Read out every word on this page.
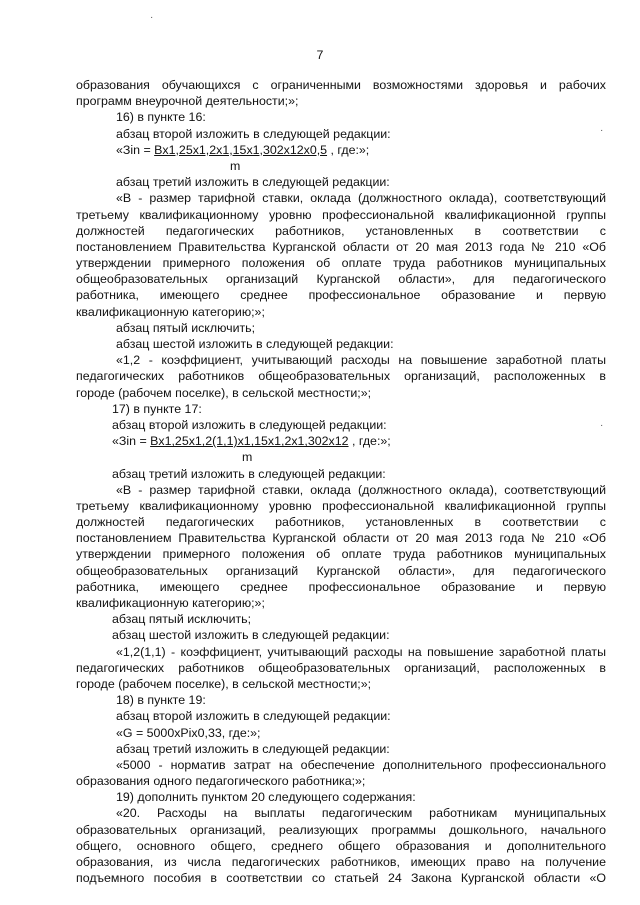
7
·
·
·
образования обучающихся с ограниченными возможностями здоровья и рабочих
программ внеурочной деятельности;»;
16) в пункте 16:
абзац второй изложить в следующей редакции:
«Зin = Bx1,25x1,2x1,15x1,302x12x0,5 , где:»;
m
абзац третий изложить в следующей редакции:
«В - размер тарифной ставки, оклада (должностного оклада), соответствующий
третьему квалификационному уровню профессиональной квалификационной группы
должностей педагогических работников, установленных в соответствии с
постановлением Правительства Курганской области от 20 мая 2013 года № 210 «Об
утверждении примерного положения об оплате труда работников муниципальных
общеобразовательных организаций Курганской области», для педагогического
работника, имеющего среднее профессиональное образование и первую
квалификационную категорию;»;
абзац пятый исключить;
абзац шестой изложить в следующей редакции:
«1,2 - коэффициент, учитывающий расходы на повышение заработной платы
педагогических работников общеобразовательных организаций, расположенных в
городе (рабочем поселке), в сельской местности;»;
17) в пункте 17:
абзац второй изложить в следующей редакции:
«Зin = Bx1,25x1,2(1,1)x1,15x1,2x1,302x12 , где:»;
m
абзац третий изложить в следующей редакции:
«В - размер тарифной ставки, оклада (должностного оклада), соответствующий
третьему квалификационному уровню профессиональной квалификационной группы
должностей педагогических работников, установленных в соответствии с
постановлением Правительства Курганской области от 20 мая 2013 года № 210 «Об
утверждении примерного положения об оплате труда работников муниципальных
общеобразовательных организаций Курганской области», для педагогического
работника, имеющего среднее профессиональное образование и первую
квалификационную категорию;»;
абзац пятый исключить;
абзац шестой изложить в следующей редакции:
«1,2(1,1) - коэффициент, учитывающий расходы на повышение заработной платы
педагогических работников общеобразовательных организаций, расположенных в
городе (рабочем поселке), в сельской местности;»;
18) в пункте 19:
абзац второй изложить в следующей редакции:
«G = 5000xPix0,33, где:»;
абзац третий изложить в следующей редакции:
«5000 - норматив затрат на обеспечение дополнительного профессионального
образования одного педагогического работника;»;
19) дополнить пунктом 20 следующего содержания:
«20. Расходы на выплаты педагогическим работникам муниципальных
образовательных организаций, реализующих программы дошкольного, начального
общего, основного общего, среднего общего образования и дополнительного
образования, из числа педагогических работников, имеющих право на получение
подъемного пособия в соответствии со статьей 24 Закона Курганской области «О
